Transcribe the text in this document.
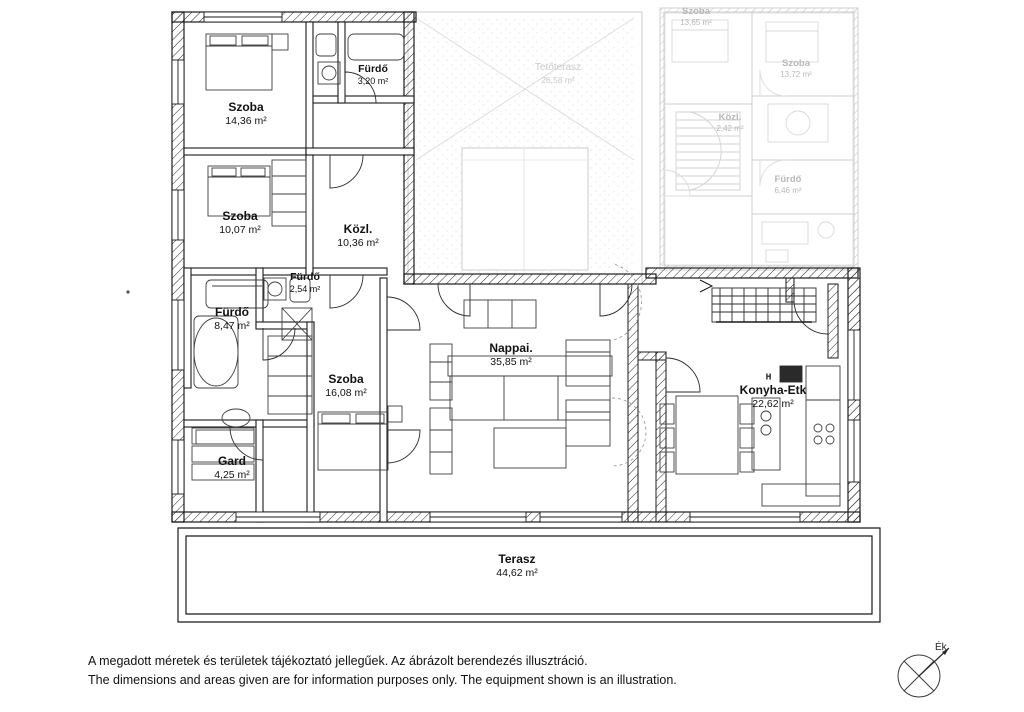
H
Szoba
14,36 m²
Fürdő
3,20 m²
Szoba
10,07 m²	Közl.
10,36 m²
Fürdő
2,54 m²
Fürdő
8,47 m²
Szoba
16,08 m²
Gard
4,25 m²
Nappai.
35,85 m²
Konyha-Etk
22,62 m²
Terasz
44,62 m²
Tetőterasz
26,58 m²
Szoba
13,65 m²
Szoba
13,72 m²
Közl.
2,42 m²
Fürdő
6,46 m²
A megadott méretek és területek tájékoztató jellegűek. Az ábrázolt berendezés illusztráció.
The dimensions and areas given are for information purposes only. The equipment shown is an illustration.
Ék
